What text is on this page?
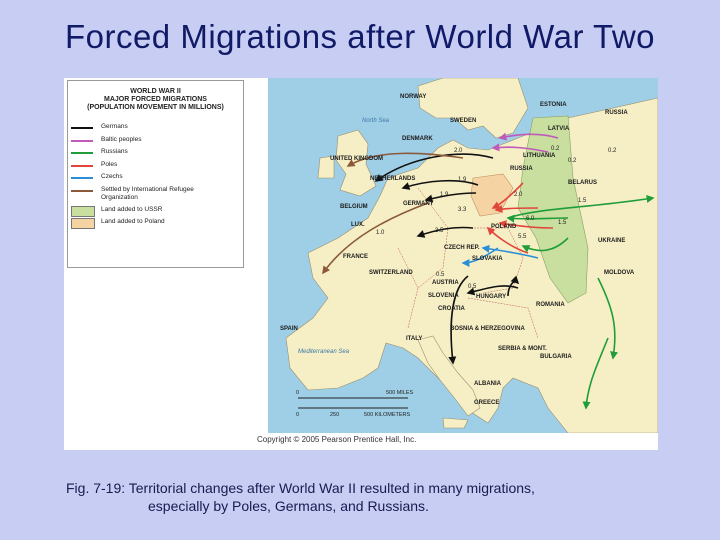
Forced Migrations after World War Two
WORLD WAR II
MAJOR FORCED MIGRATIONS
(POPULATION MOVEMENT IN MILLIONS)
Germans
Baltic peoples
Russians
Poles
Czechs
Settled by International Refugee Organization
Land added to USSR
Land added to Poland
NORWAY
SWEDEN
ESTONIA
RUSSIA
LATVIA
DENMARK
LITHUANIA
RUSSIA
UNITED KINGDOM
NETHERLANDS
BELARUS
GERMANY
BELGIUM
POLAND
LUX.
CZECH REP.
UKRAINE
FRANCE	SLOVAKIA
SWITZERLAND
AUSTRIA
MOLDOVA
HUNGARY
SLOVENIA
ROMANIA
CROATIA
SPAIN
ITALY
BOSNIA & HERZEGOVINA
SERBIA & MONT.
BULGARIA
ALBANIA
GREECE
North Sea
Mediterranean Sea
2.0	0.2
1.9
1.9	2.0
1.5
3.3
6.0
1.5
5.5
1.0	3.5
0.5
0.5
0.2
0.2
0	500 MILES
0	250	500 KILOMETERS
Copyright © 2005 Pearson Prentice Hall, Inc.
Fig. 7-19: Territorial changes after World War II resulted in many migrations,
especially by Poles, Germans, and Russians.
